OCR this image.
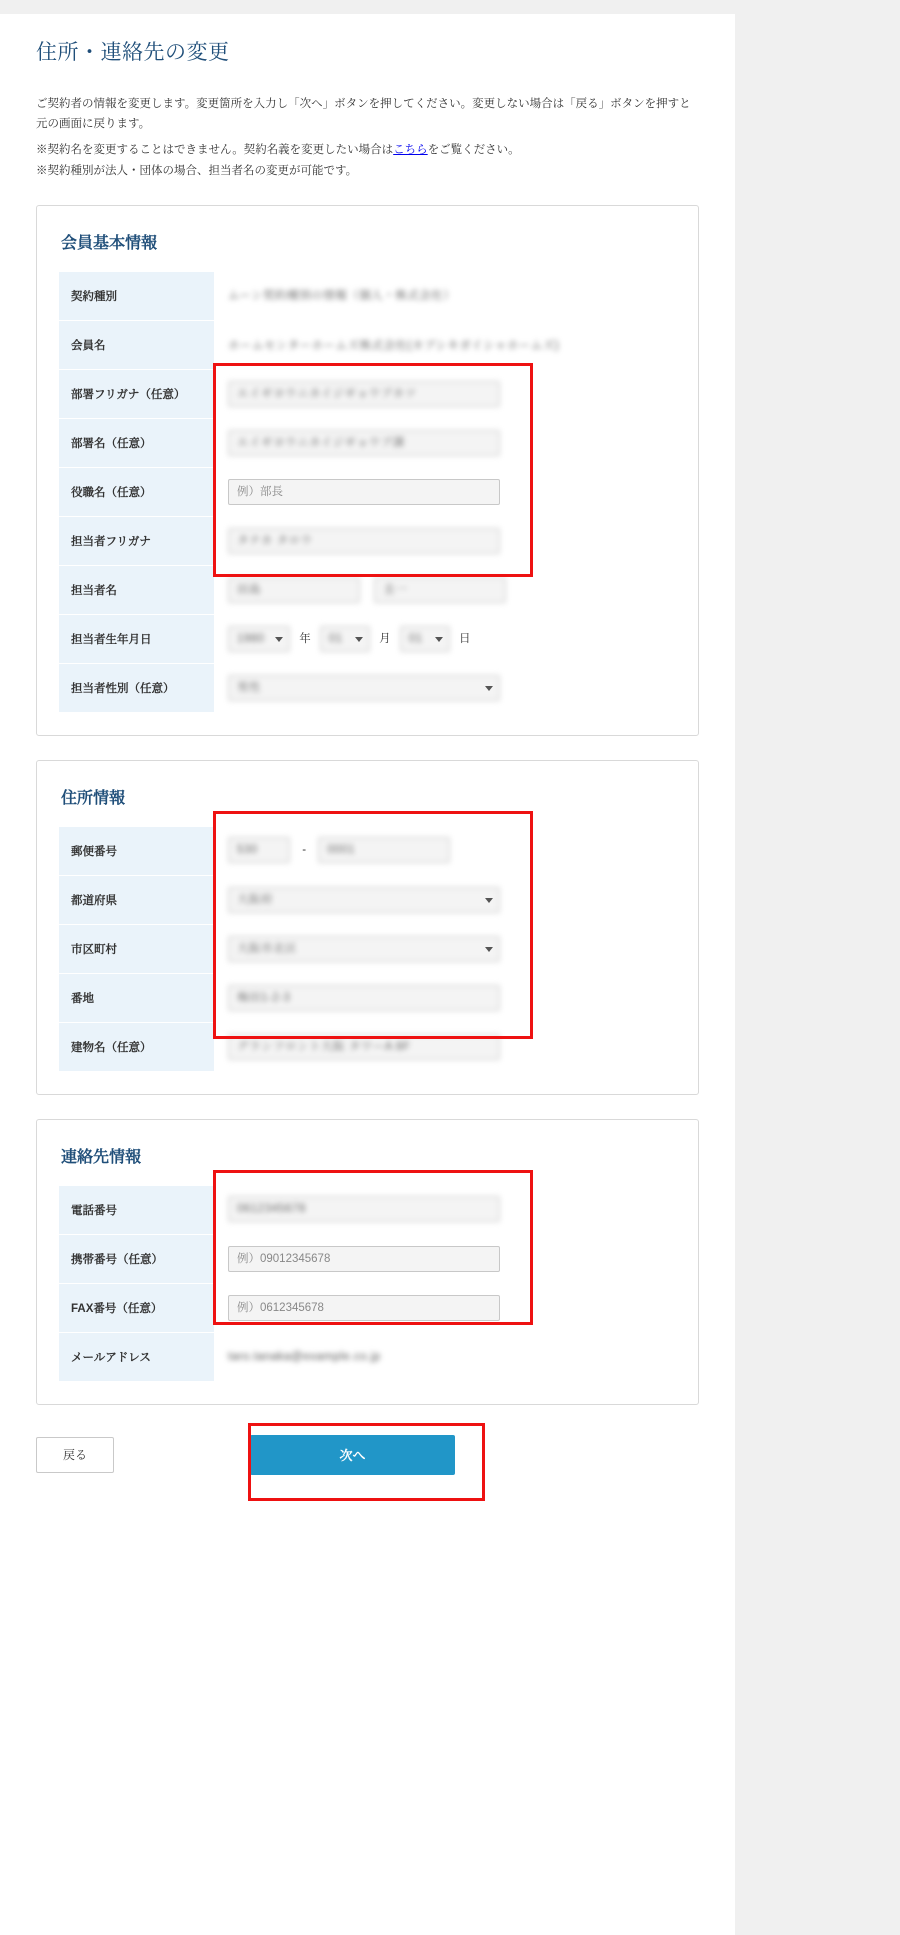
住所・連絡先の変更
ご契約者の情報を変更します。変更箇所を入力し「次へ」ボタンを押してください。変更しない場合は「戻る」ボタンを押すと
元の画面に戻ります。
※契約名を変更することはできません。契約名義を変更したい場合はこちらをご覧ください。
※契約種別が法人・団体の場合、担当者名の変更が可能です。
会員基本情報
契約種別	ムーン契約種別の情報（個人・株式会社）
会員名	ホームセンターホームズ株式会社(カブシキガイシャホームズ)
部署フリガナ（任意）	エイギヨウニカイジギョウブカツ
部署名（任意）	エイギヨウニカイジギョウブ課
役職名（任意）	例）部長
担当者フリガナ	タナカ タロウ
担当者名	田島 圭一
担当者生年月日	1980 年 01 月 01 日
担当者性別（任意）	男性
住所情報
郵便番号	530 - 0001
都道府県	大阪府

市区町村	大阪市北区

番地	梅田1-2-3
建物名（任意）	グランフロント大阪 タワーA 8F
連絡先情報
電話番号	0612345678
携帯番号（任意）	例）09012345678
FAX番号（任意）	例）0612345678
メールアドレス	taro.tanaka@example.co.jp
戻る	次へ
